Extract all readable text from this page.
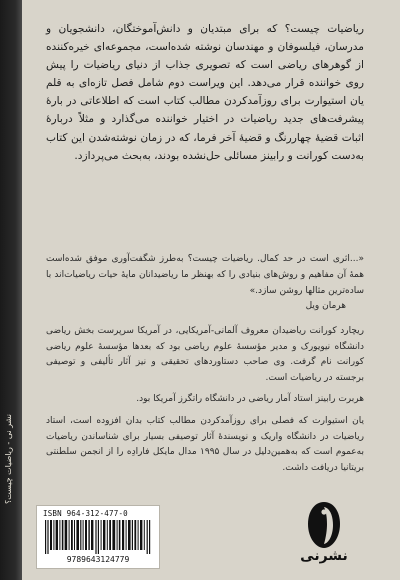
نشر نی - ریاضیات چیست؟

ریاضیات چیست؟ که برای مبتدیان و دانش‌آموختگان، دانشجویان و مدرسان، فیلسوفان و مهندسان نوشته شده‌است، مجموعه‌ای خیره‌کننده از گوهرهای ریاضی است که تصویری جذاب از دنیای ریاضیات را پیش روی خواننده قرار می‌دهد. این ویراست دوم شامل فصل تازه‌ای به قلم یان استیوارت برای روزآمدکردن مطالب کتاب است که اطلاعاتی در بارهٔ پیشرفت‌های جدید ریاضیات در اختیار خواننده می‌گذارد و مثلاً دربارهٔ اثبات قضیهٔ چهاررنگ و قضیهٔ آخر فرما، که در زمان نوشته‌شدن این کتاب به‌دست کورانت و رابینز مسائلی حل‌نشده بودند، به‌بحث می‌پردازد.

«...اثری است در حد کمال. ریاضیات چیست؟ به‌طرز شگفت‌آوری موفق شده‌است همهٔ آن مفاهیم و روش‌های بنیادی را که بهنظر ما ریاضیدانان مایهٔ حیات ریاضیات‌اند با ساده‌ترین مثالها روشن سازد.»

هرمان ویل

ریچارد کورانت ریاضیدان معروف آلمانی-آمریکایی، در آمریکا سرپرست بخش ریاضی دانشگاه نیویورک و مدیر مؤسسهٔ علوم ریاضی بود که بعدها مؤسسهٔ علوم ریاضی کورانت نام گرفت. وی صاحب دستاوردهای تحقیقی و نیز آثار تألیفی و توصیفی برجسته در ریاضیات است.

هربرت رابینز استاد آمار ریاضی در دانشگاه راتگرز آمریکا بود.

یان استیوارت که فصلی برای روزآمدکردن مطالب کتاب بدان افزوده است، استاد ریاضیات در دانشگاه واریک و نویسندهٔ آثار توصیفی بسیار برای شناساندن ریاضیات به‌عموم است که به‌همین‌دلیل در سال ۱۹۹۵ مدال مایکل فارادِه را از انجمن سلطنتی بریتانیا دریافت داشت.

ISBN 964-312-477-0
9789643124779	نشرنی
